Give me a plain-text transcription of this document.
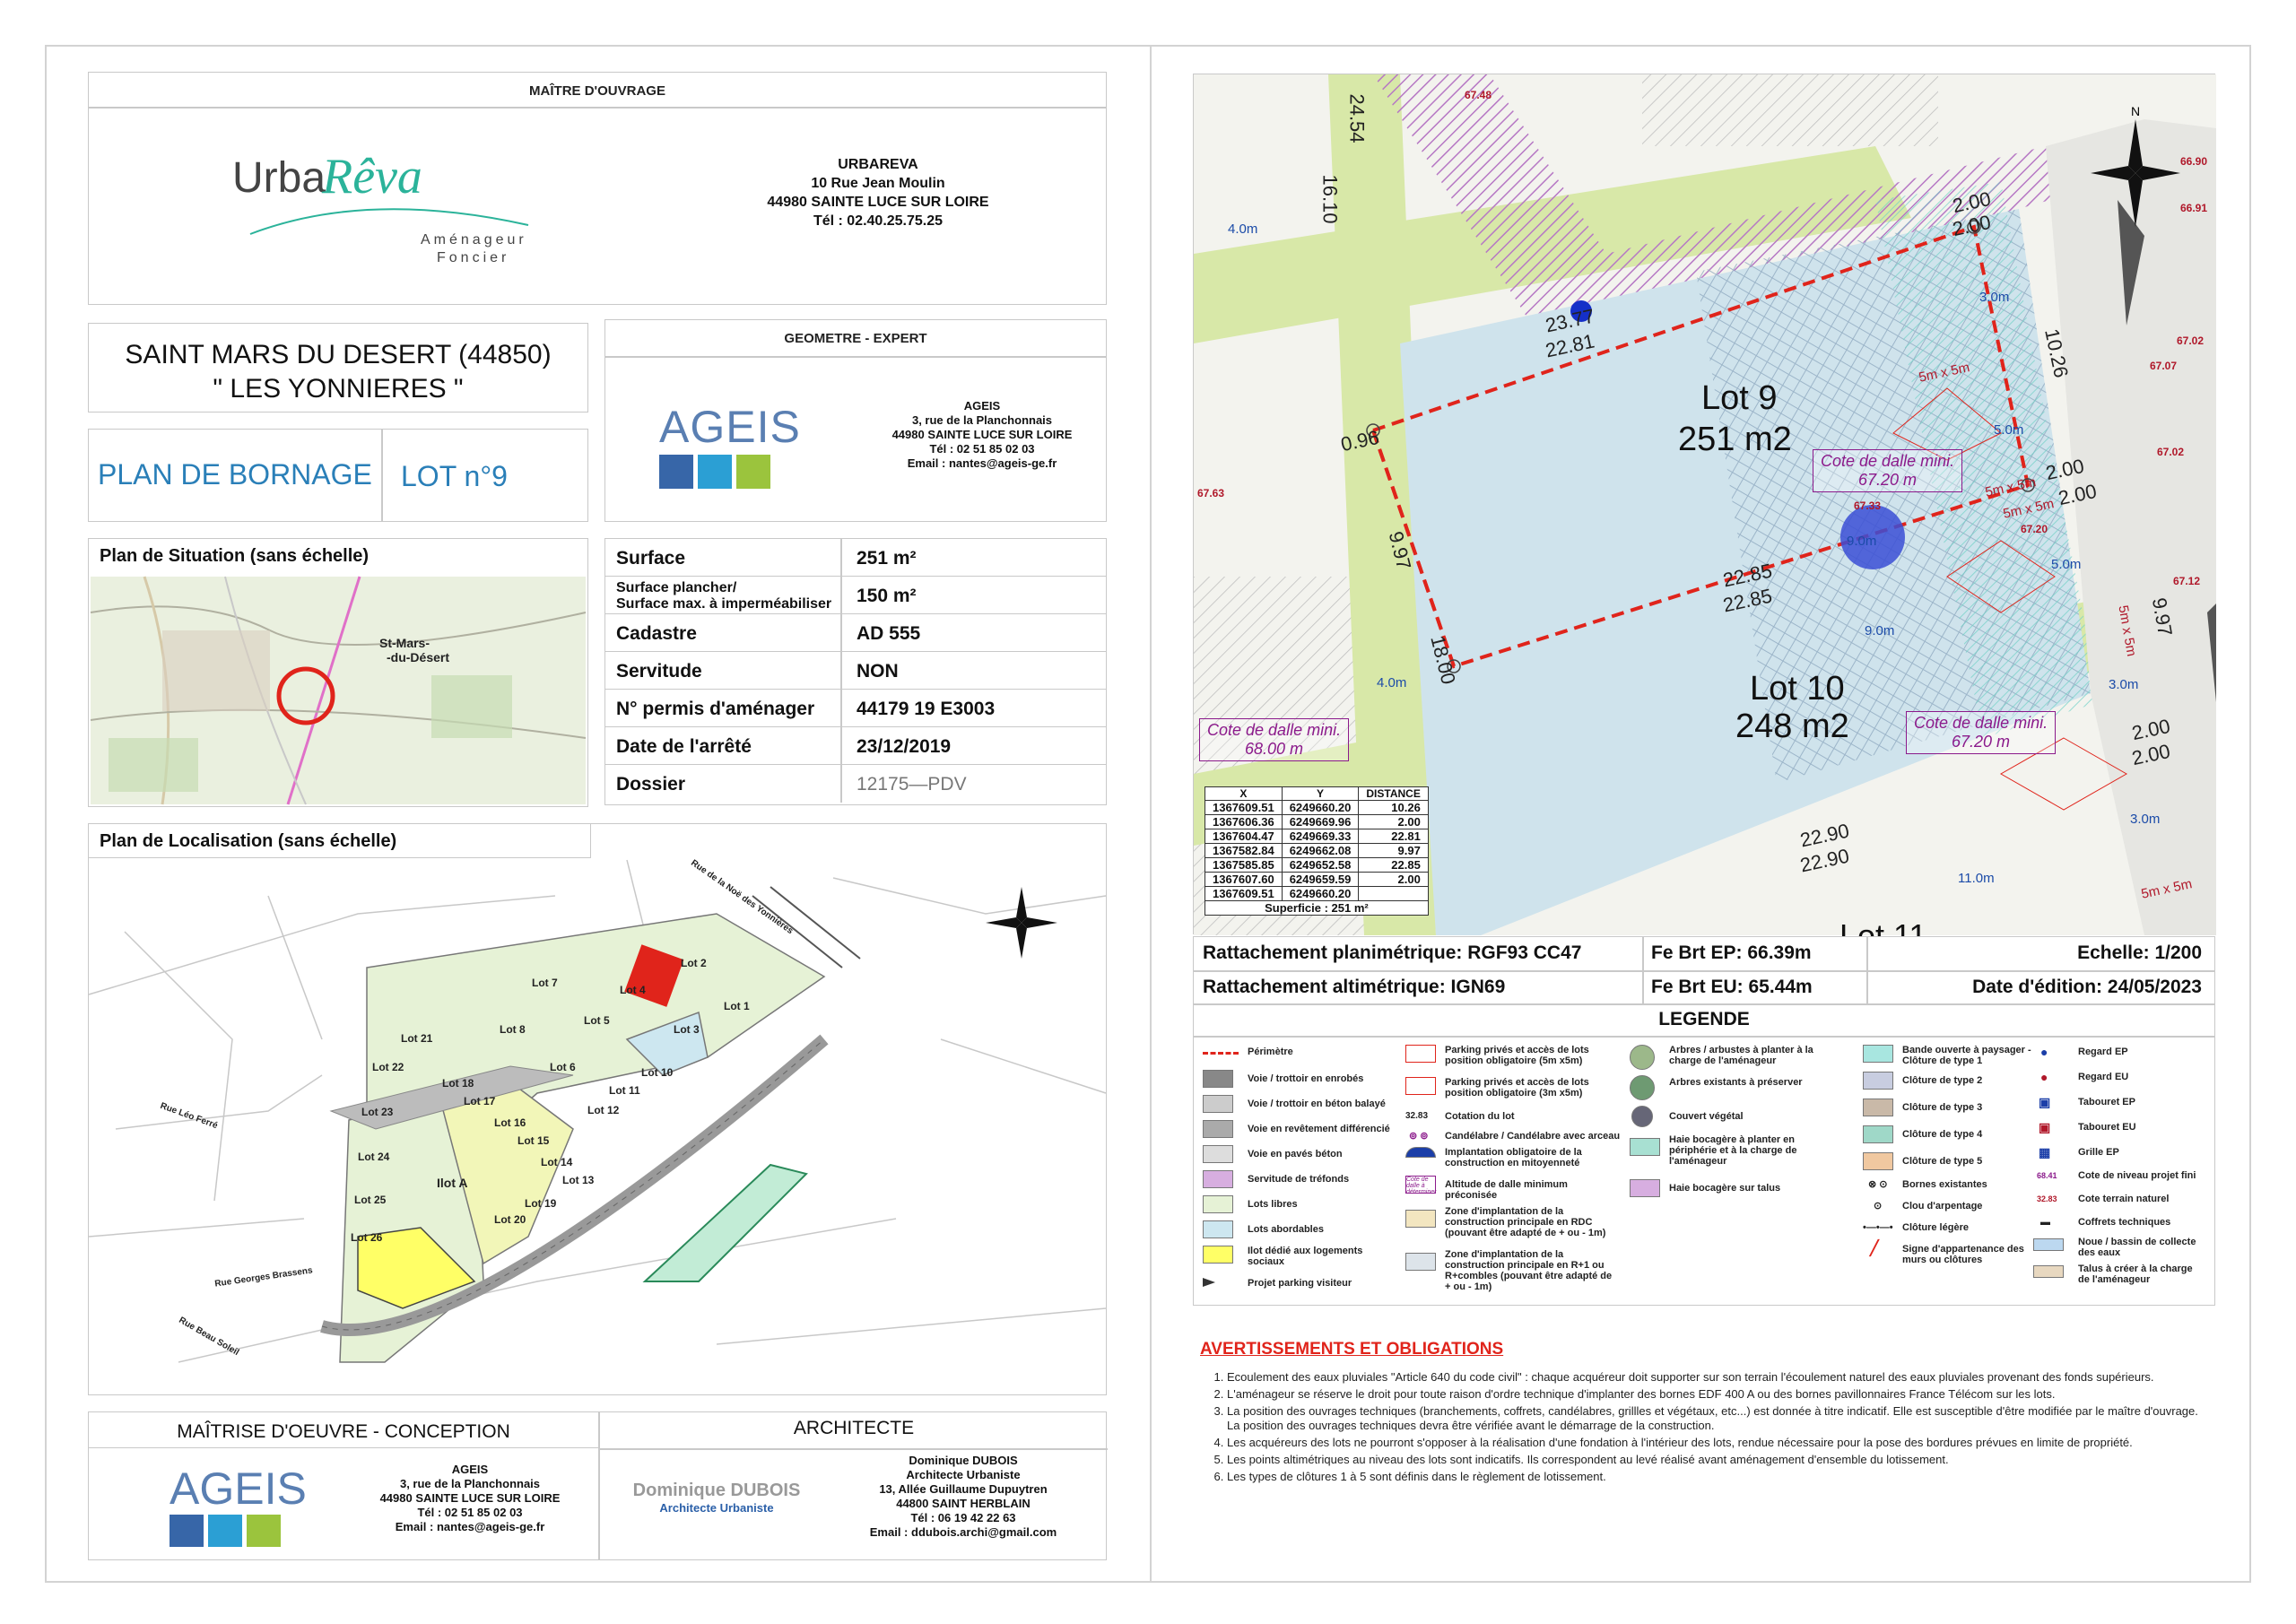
MAÎTRE D'OUVRAGE
Urba
Rêva
Aménageur
Foncier
URBAREVA
10 Rue Jean Moulin
44980 SAINTE LUCE SUR LOIRE
Tél : 02.40.25.75.25
SAINT MARS DU DESERT (44850)
" LES YONNIERES "
PLAN DE BORNAGE LOT n°9
GEOMETRE - EXPERT
AGEIS	AGEIS
3, rue de la Planchonnais
44980 SAINTE LUCE SUR LOIRE
Tél : 02 51 85 02 03
Email : nantes@ageis-ge.fr
Plan de Situation (sans échelle)
St-Mars-
-du-Désert
Surface	251 m²
Surface plancher/
Surface max. à imperméabiliser 150 m²
Cadastre	AD 555
Servitude	NON
N° permis d'aménager 44179 19 E3003
Date de l'arrêté	23/12/2019
Dossier	12175—PDV
Plan de Localisation (sans échelle)
Lot 1
Lot 2
Lot 3
Lot 4
Lot 5
Lot 6
Lot 7
Lot 8
Lot 10
Lot 11
Lot 12
Lot 13
Lot 14
Lot 15
Lot 16
Lot 17
Lot 18
Lot 19
Lot 20
Lot 21
Lot 22
Lot 23
Lot 24
Lot 25
Lot 26
Ilot A
Rue Léo Ferré
Rue Georges Brassens
Rue Beau Soleil
Rue de la Noë des Yonnières
MAÎTRISE D'OEUVRE - CONCEPTION
AGEIS	AGEIS
3, rue de la Planchonnais
44980 SAINTE LUCE SUR LOIRE
Tél : 02 51 85 02 03
Email : nantes@ageis-ge.fr
ARCHITECTE
Dominique DUBOIS
Architecte Urbaniste
Dominique DUBOIS
Architecte Urbaniste
13, Allée Guillaume Dupuytren
44800 SAINT HERBLAIN
Tél : 06 19 42 22 63
Email : ddubois.archi@gmail.com
N
Lot 9
251 m2
Lot 10
248 m2
Cote de dalle mini.
67.20 m
Cote de dalle mini.
68.00 m
Cote de dalle mini.
67.20 m
23.77
22.81	10.26
9.97
18.00
22.85
22.85
22.90
22.90
0.96
2.00
2.00
2.00
2.00
2.00
2.00
24.54
16.10
9.97
67.48
67.63
67.33
67.20
67.07
67.02
67.02
66.90
66.91
67.12
4.0m
4.0m
3.0m
5.0m
5.0m
9.0m
9.0m
3.0m
3.0m
11.0m
5m x 5m
5m x 5m
5m x 5m
5m x 5m
5m x 5m
X	Y	DISTANCE
1367609.51	6249660.20	10.26
1367606.36	6249669.96	2.00
1367604.47	6249669.33	22.81
1367582.84	6249662.08	9.97
1367585.85	6249652.58	22.85
1367607.60	6249659.59	2.00
1367609.51	6249660.20	
Superficie : 251 m²		
Rattachement planimétrique: RGF93 CC47
Rattachement altimétrique: IGN69
Fe Brt EP: 66.39m
Fe Brt EU: 65.44m
Echelle: 1/200
Date d'édition: 24/05/2023
LEGENDE
Périmètre
Voie / trottoir en enrobés
Voie / trottoir en béton balayé
Voie en revêtement différencié
Voie en pavés béton
Servitude de tréfonds
Lots libres
Lots abordables
Ilot dédié aux logements sociaux
Projet parking visiteur
Parking privés et accès de lots position obligatoire (5m x5m)
Parking privés et accès de lots position obligatoire (3m x5m)
32.83 Cotation du lot
⊚ ⊚ Candélabre / Candélabre avec arceau
Implantation obligatoire de la construction en mitoyenneté
Cote de dalle à déterminer
Altitude de dalle minimum préconisée
Zone d'implantation de la construction principale en RDC (pouvant être adapté de + ou - 1m)
Zone d'implantation de la construction principale en R+1 ou R+combles (pouvant être adapté de + ou - 1m)
Arbres / arbustes à planter à la charge de l'aménageur
Arbres existants à préserver
Couvert végétal
Haie bocagère à planter en périphérie et à la charge de l'aménageur
Haie bocagère sur talus
Bande ouverte à paysager - Clôture de type 1
Clôture de type 2
Clôture de type 3
Clôture de type 4
Clôture de type 5
⊗ ⊙ Bornes existantes
⊙ Clou d'arpentage
•—•—• Clôture légère
╱ Signe d'appartenance des murs ou clôtures
●	Regard EP
●	Regard EU
▣	Tabouret EP
▣	Tabouret EU
▦	Grille EP
68.41 Cote de niveau projet fini
32.83 Cote terrain naturel
▬	Coffrets techniques
Noue / bassin de collecte des eaux
Talus à créer à la charge de l'aménageur
AVERTISSEMENTS ET OBLIGATIONS
1. Ecoulement des eaux pluviales "Article 640 du code civil" : chaque acquéreur doit supporter sur son terrain l'écoulement naturel des eaux pluviales provenant des fonds supérieurs.
2. L'aménageur se réserve le droit pour toute raison d'ordre technique d'implanter des bornes EDF 400 A ou des bornes pavillonnaires France Télécom sur les lots.
3. La position des ouvrages techniques (branchements, coffrets, candélabres, grillles et végétaux, etc...) est donnée à titre indicatif. Elle est susceptible d'être modifiée par le maître d'ouvrage. La position des ouvrages techniques devra être vérifiée avant le démarrage de la construction.
4. Les acquéreurs des lots ne pourront s'opposer à la réalisation d'une fondation à l'intérieur des lots, rendue nécessaire pour la pose des bordures prévues en limite de propriété.
5. Les points altimétriques au niveau des lots sont indicatifs. Ils correspondent au levé réalisé avant aménagement d'ensemble du lotissement.
6. Les types de clôtures 1 à 5 sont définis dans le règlement de lotissement.
